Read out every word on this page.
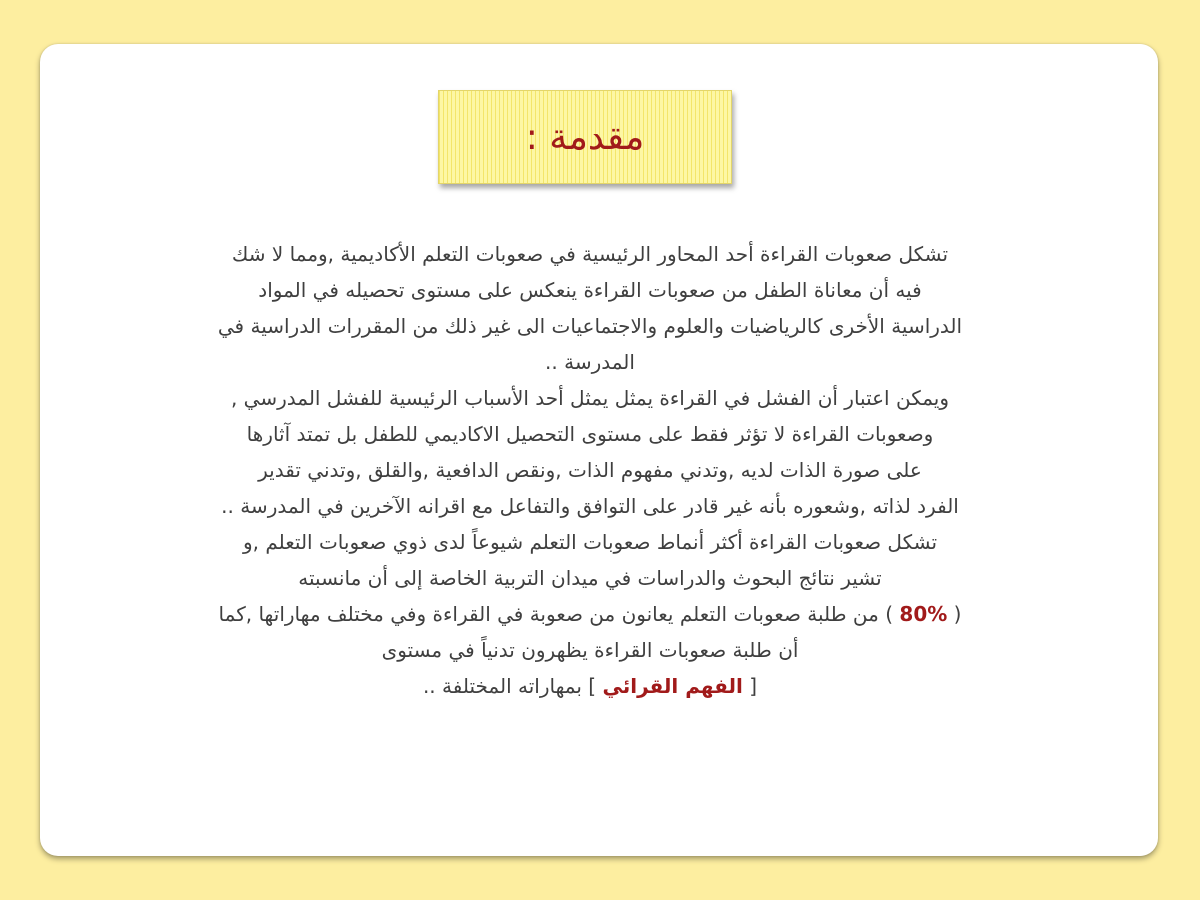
مقدمة :
تشكل صعوبات القراءة أحد المحاور الرئيسية في صعوبات التعلم الأكاديمية ,ومما لا شك
فيه أن معاناة الطفل من صعوبات القراءة ينعكس على مستوى تحصيله في المواد
الدراسية الأخرى كالرياضيات والعلوم والاجتماعيات الى غير ذلك من المقررات الدراسية في
المدرسة ..
ويمكن اعتبار أن الفشل في القراءة يمثل يمثل أحد الأسباب الرئيسية للفشل المدرسي ,
وصعوبات القراءة لا تؤثر فقط على مستوى التحصيل الاكاديمي للطفل بل تمتد آثارها
على صورة الذات لديه ,وتدني مفهوم الذات ,ونقص الدافعية ,والقلق ,وتدني تقدير
الفرد لذاته ,وشعوره بأنه غير قادر على التوافق والتفاعل مع اقرانه الآخرين في المدرسة ..
تشكل صعوبات القراءة أكثر أنماط صعوبات التعلم شيوعاً لدى ذوي صعوبات التعلم ,و
تشير نتائج البحوث والدراسات في ميدان التربية الخاصة إلى أن مانسبته
( 80% ) من طلبة صعوبات التعلم يعانون من صعوبة في القراءة وفي مختلف مهاراتها ,كما
أن طلبة صعوبات القراءة يظهرون تدنياً في مستوى
[ الفهم القرائي ] بمهاراته المختلفة ..
